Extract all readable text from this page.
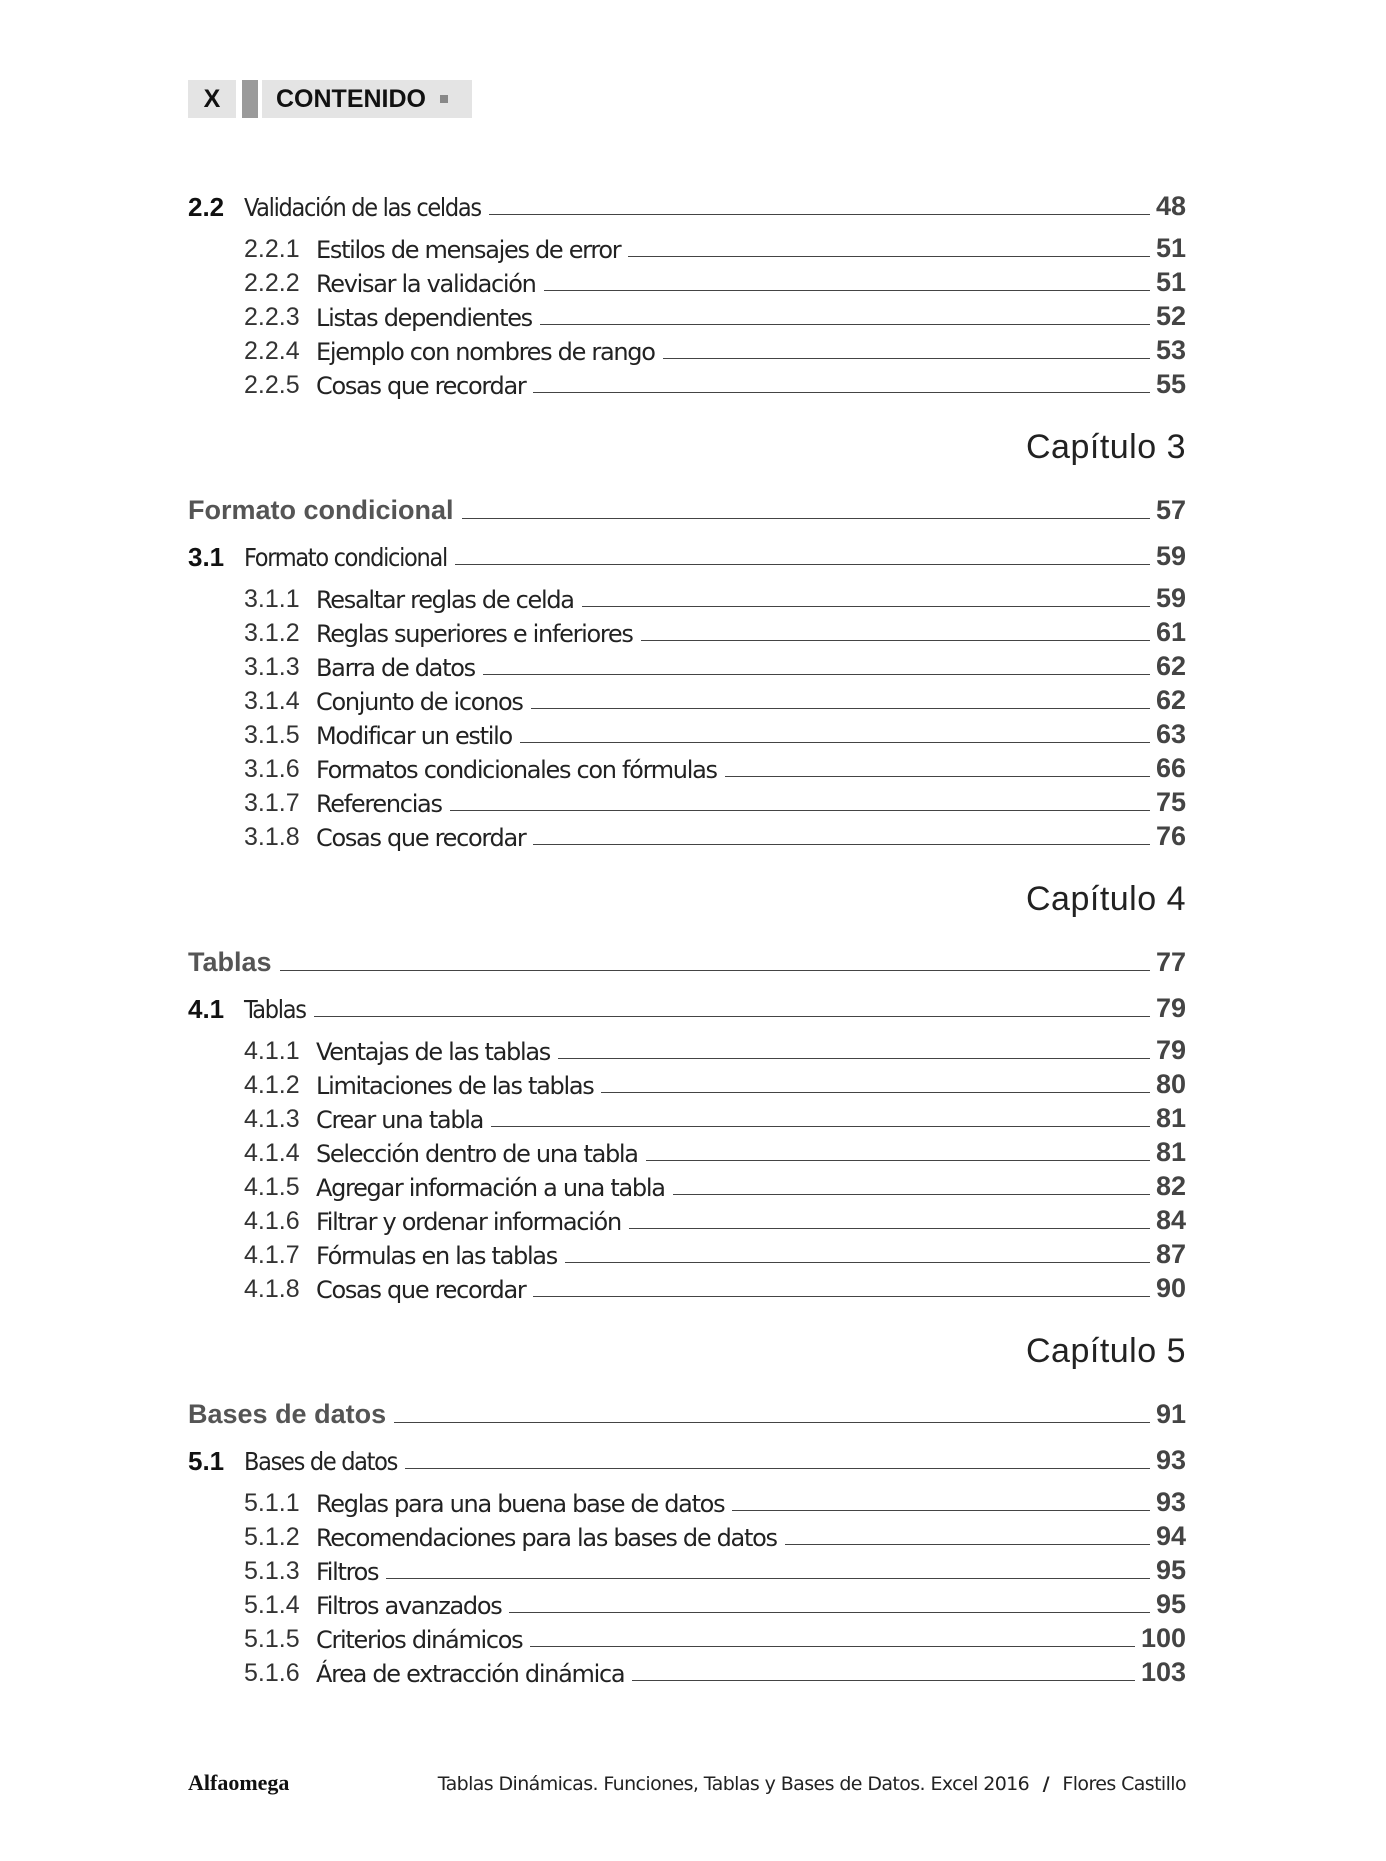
X	CONTENIDO
2.2 Validación de las celdas	48
2.2.1 Estilos de mensajes de error	51
2.2.2 Revisar la validación	51
2.2.3 Listas dependientes	52
2.2.4 Ejemplo con nombres de rango	53
2.2.5 Cosas que recordar	55
Capítulo 3
Formato condicional	57
3.1 Formato condicional	59
3.1.1 Resaltar reglas de celda	59
3.1.2 Reglas superiores e inferiores	61
3.1.3 Barra de datos	62
3.1.4 Conjunto de iconos	62
3.1.5 Modificar un estilo	63
3.1.6 Formatos condicionales con fórmulas	66
3.1.7 Referencias	75
3.1.8 Cosas que recordar	76
Capítulo 4
Tablas	77
4.1 Tablas	79
4.1.1 Ventajas de las tablas	79
4.1.2 Limitaciones de las tablas	80
4.1.3 Crear una tabla	81
4.1.4 Selección dentro de una tabla	81
4.1.5 Agregar información a una tabla	82
4.1.6 Filtrar y ordenar información	84
4.1.7 Fórmulas en las tablas	87
4.1.8 Cosas que recordar	90
Capítulo 5
Bases de datos	91
5.1 Bases de datos	93
5.1.1 Reglas para una buena base de datos	93
5.1.2 Recomendaciones para las bases de datos	94
5.1.3 Filtros	95
5.1.4 Filtros avanzados	95
5.1.5 Criterios dinámicos	100
5.1.6 Área de extracción dinámica	103
Alfaomega	Tablas Dinámicas. Funciones, Tablas y Bases de Datos. Excel 2016 / Flores Castillo
